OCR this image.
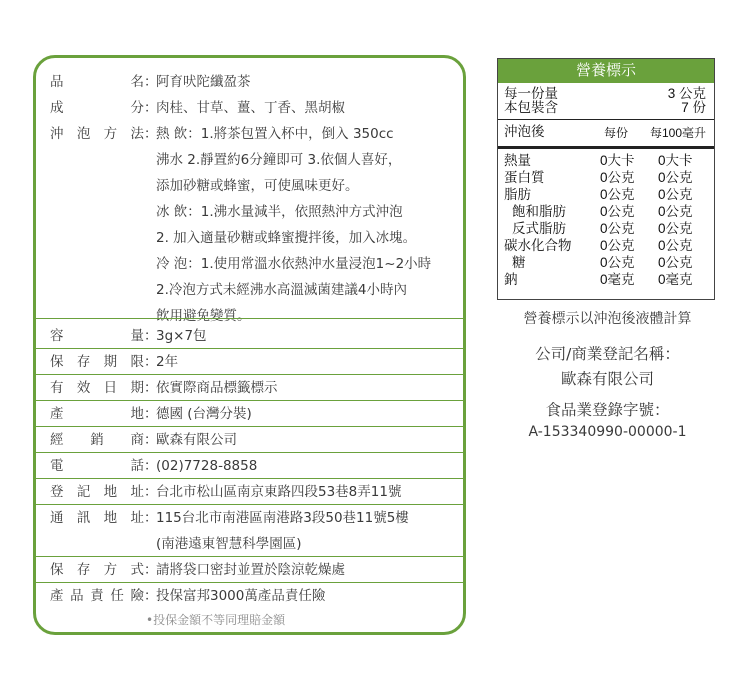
品	名 ：
阿育吠陀纖盈茶
成	分 ：
肉桂、甘草、薑、丁香、黑胡椒
沖 泡 方 法 ：
熱 飲：1.將茶包置入杯中，倒入 350cc
沸水 2.靜置約6分鐘即可 3.依個人喜好，
添加砂糖或蜂蜜，可使風味更好。
冰 飲：1.沸水量減半，依照熱沖方式沖泡
2. 加入適量砂糖或蜂蜜攪拌後，加入冰塊。
冷 泡：1.使用常溫水依熱沖水量浸泡1~2小時
2.冷泡方式未經沸水高溫滅菌建議4小時內
飲用避免變質。
容	量 ：
3g×7包
保 存 期 限 ：
2年
有 效 日 期 ：
依實際商品標籤標示
產	地 ：
德國 (台灣分裝)
經 銷 商 ：
歐森有限公司
電	話 ：
(02)7728-8858
登 記 地 址 ：
台北市松山區南京東路四段53巷8弄11號
通 訊 地 址 ：
115台北市南港區南港路3段50巷11號5樓
(南港遠東智慧科學園區)
保 存 方 式 ：
請將袋口密封並置於陰涼乾燥處
產 品 責 任 險 ：
投保富邦3000萬產品責任險
•投保金額不等同理賠金額
營養標示
每一份量	3 公克
本包裝含	7 份
沖泡後	每份 每100毫升
熱量	0大卡 0大卡
蛋白質	0公克 0公克
脂肪	0公克 0公克
飽和脂肪	0公克 0公克
反式脂肪	0公克 0公克
碳水化合物 0公克 0公克
糖	0公克 0公克
鈉	0毫克 0毫克
營養標示以沖泡後液體計算
公司/商業登記名稱：
歐森有限公司
食品業登錄字號：
A-153340990-00000-1
